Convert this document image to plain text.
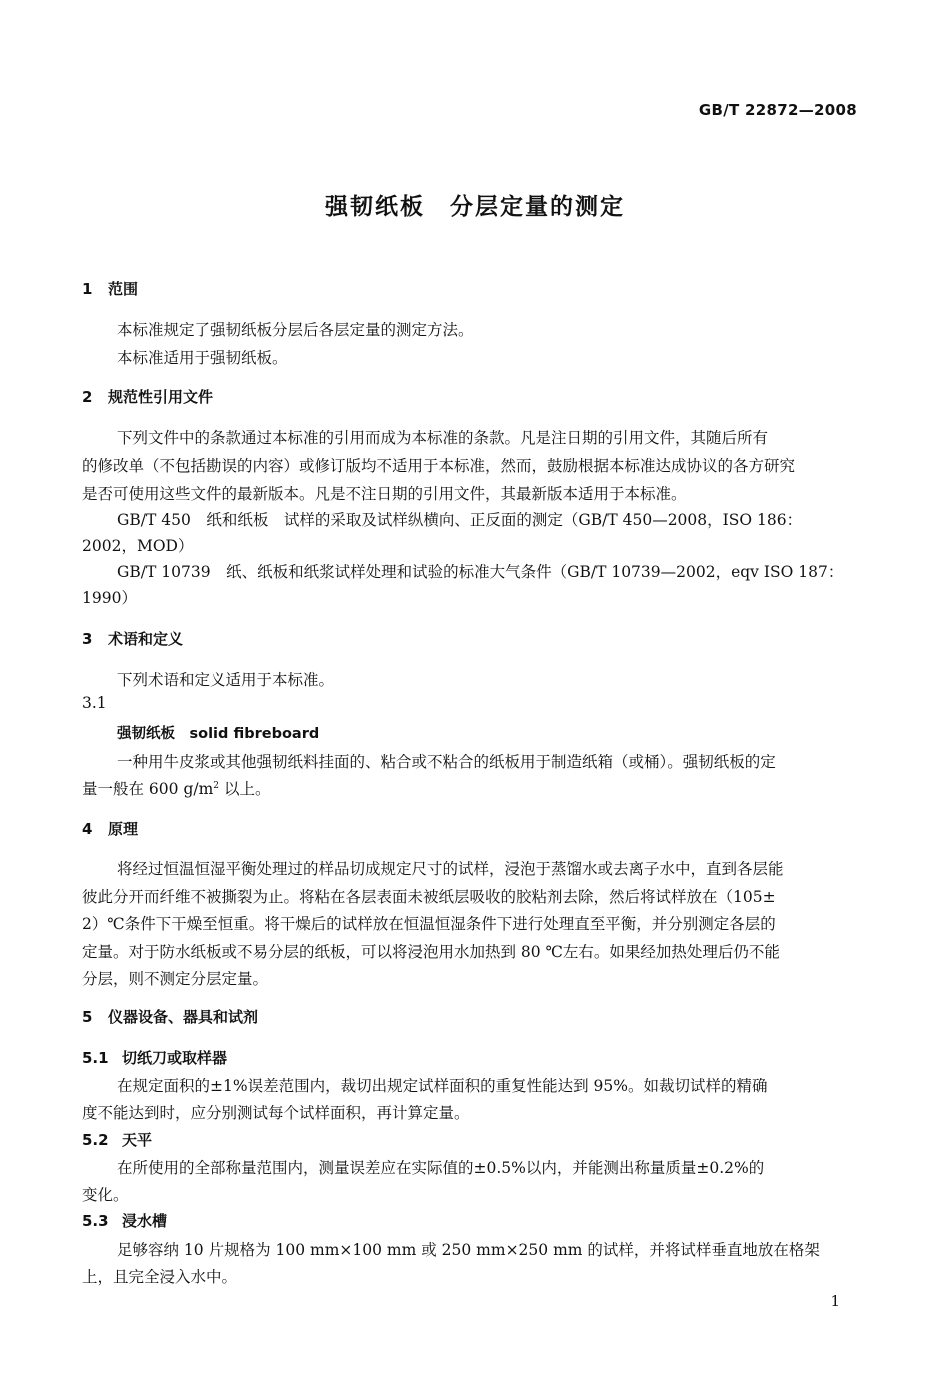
GB/T 22872—2008
强韧纸板　分层定量的测定
1 范围
本标准规定了强韧纸板分层后各层定量的测定方法。
本标准适用于强韧纸板。
2 规范性引用文件
下列文件中的条款通过本标准的引用而成为本标准的条款。凡是注日期的引用文件，其随后所有
的修改单（不包括勘误的内容）或修订版均不适用于本标准，然而，鼓励根据本标准达成协议的各方研究
是否可使用这些文件的最新版本。凡是不注日期的引用文件，其最新版本适用于本标准。
GB/T 450　纸和纸板　试样的采取及试样纵横向、正反面的测定（GB/T 450—2008，ISO 186：
2002，MOD）
GB/T 10739　纸、纸板和纸浆试样处理和试验的标准大气条件（GB/T 10739—2002，eqv ISO 187：
1990）
3 术语和定义
下列术语和定义适用于本标准。
3.1
强韧纸板　solid fibreboard
一种用牛皮浆或其他强韧纸料挂面的、粘合或不粘合的纸板用于制造纸箱（或桶）。强韧纸板的定
量一般在 600 $g/m^2$ 以上。
4 原理
将经过恒温恒湿平衡处理过的样品切成规定尺寸的试样，浸泡于蒸馏水或去离子水中，直到各层能
彼此分开而纤维不被撕裂为止。将粘在各层表面未被纸层吸收的胶粘剂去除，然后将试样放在（105±
2）℃条件下干燥至恒重。将干燥后的试样放在恒温恒湿条件下进行处理直至平衡，并分别测定各层的
定量。对于防水纸板或不易分层的纸板，可以将浸泡用水加热到 80 ℃左右。如果经加热处理后仍不能
分层，则不测定分层定量。
5 仪器设备、器具和试剂
5.1 切纸刀或取样器
在规定面积的±1%误差范围内，裁切出规定试样面积的重复性能达到 95%。如裁切试样的精确
度不能达到时，应分别测试每个试样面积，再计算定量。
5.2 天平
在所使用的全部称量范围内，测量误差应在实际值的±0.5%以内，并能测出称量质量±0.2%的
变化。
5.3 浸水槽
足够容纳 10 片规格为 100 mm×100 mm 或 250 mm×250 mm 的试样，并将试样垂直地放在格架
上，且完全浸入水中。
1
